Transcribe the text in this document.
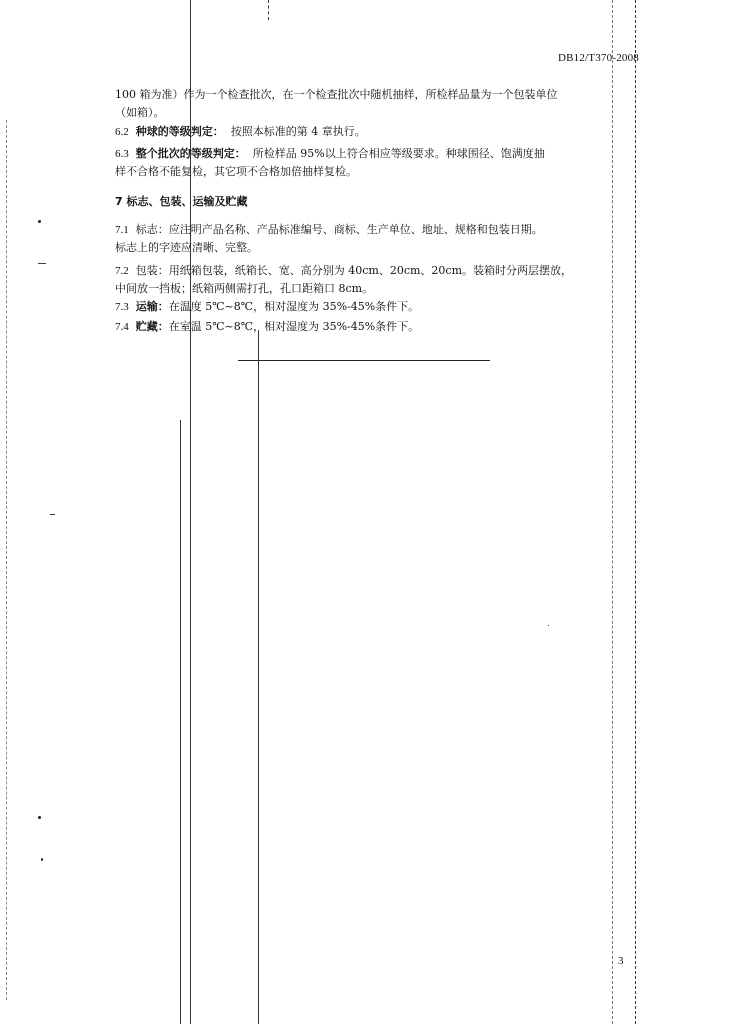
DB12/T370-2008
100 箱为准）作为一个检查批次，在一个检查批次中随机抽样，所检样品量为一个包装单位
（如箱）。
6.2 种球的等级判定： 按照本标准的第 4 章执行。
6.3 整个批次的等级判定： 所检样品 95%以上符合相应等级要求。种球围径、饱满度抽
样不合格不能复检，其它项不合格加倍抽样复检。
7 标志、包装、运输及贮藏
7.1 标志：应注明产品名称、产品标准编号、商标、生产单位、地址、规格和包装日期。
标志上的字迹应清晰、完整。
7.2 包装：用纸箱包装，纸箱长、宽、高分别为 40cm、20cm、20cm。装箱时分两层摆放，
中间放一挡板；纸箱两侧需打孔，孔口距箱口 8cm。
7.3 运输：在温度 5℃~8℃，相对湿度为 35%-45%条件下。
7.4 贮藏：在室温 5℃~8℃，相对湿度为 35%-45%条件下。
3
